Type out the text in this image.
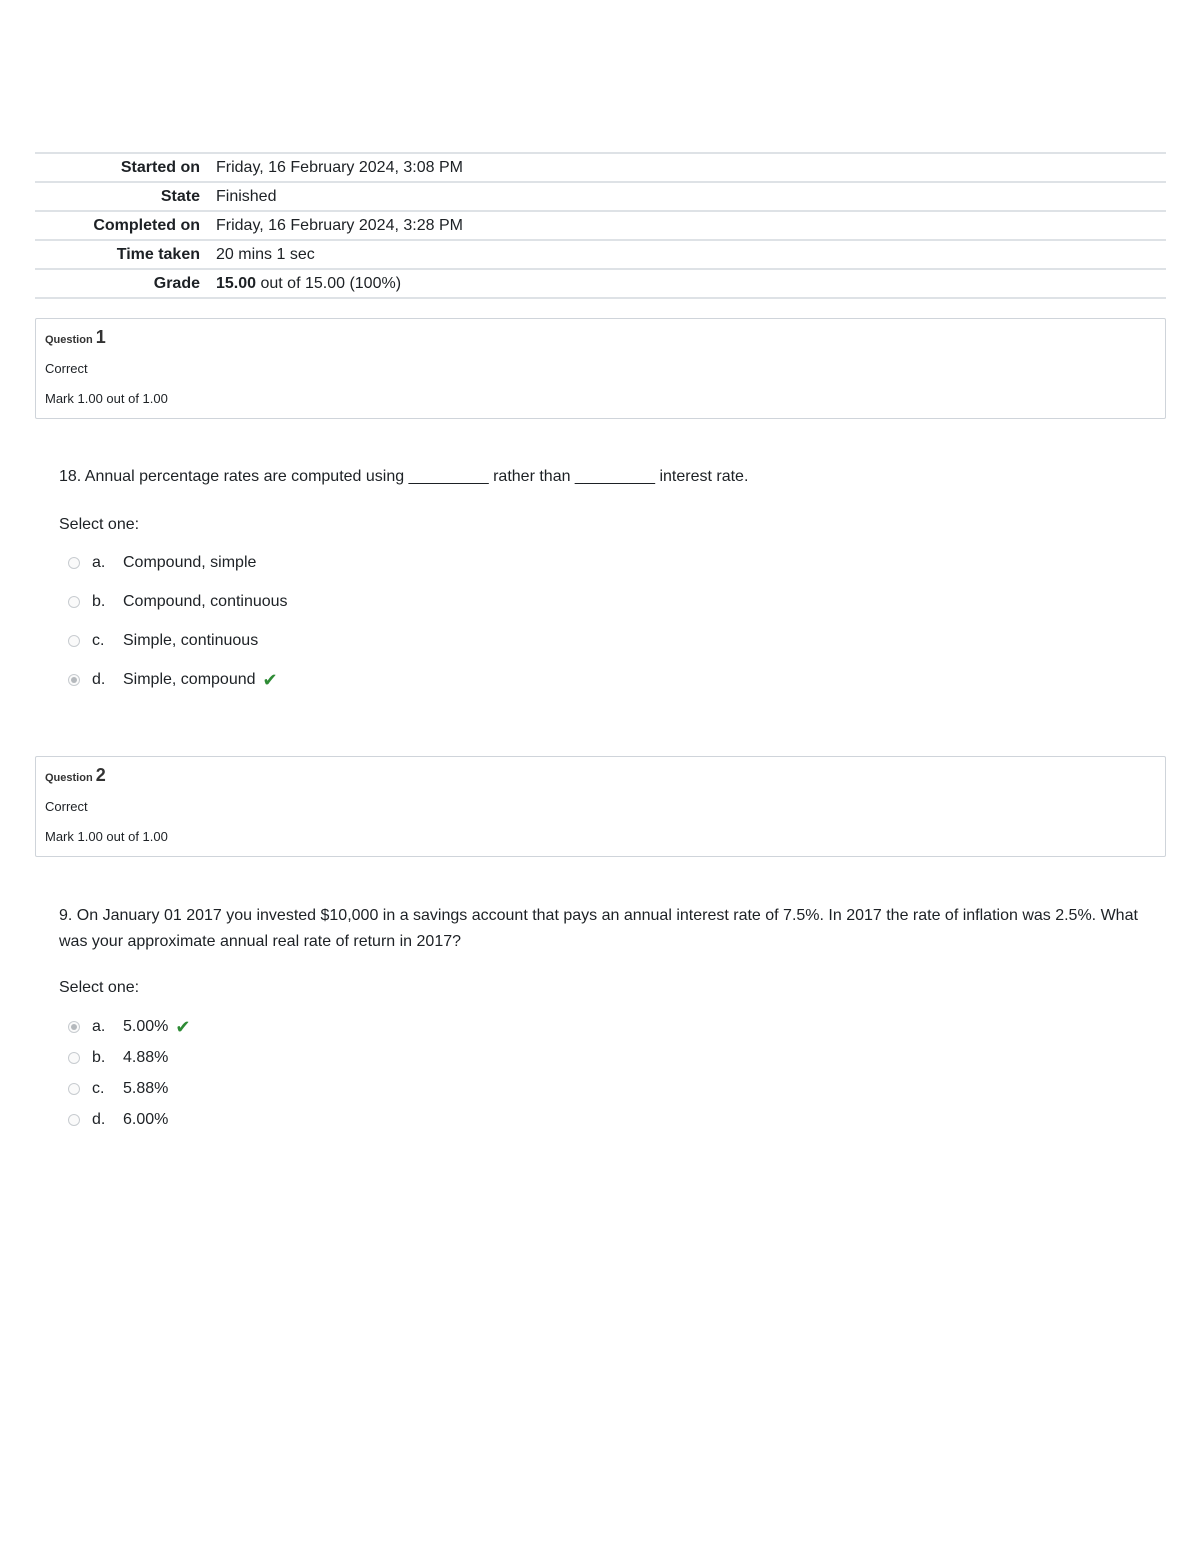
Started on	Friday, 16 February 2024, 3:08 PM
State	Finished
Completed on	Friday, 16 February 2024, 3:28 PM
Time taken	20 mins 1 sec
Grade	15.00 out of 15.00 (100%)
Question 1
Correct
Mark 1.00 out of 1.00
18. Annual percentage rates are computed using _________ rather than _________ interest rate.
Select one:
a.	Compound, simple
b.	Compound, continuous
c.	Simple, continuous
d.	Simple, compound ✔
Question 2
Correct
Mark 1.00 out of 1.00
9. On January 01 2017 you invested $10,000 in a savings account that pays an annual interest rate of 7.5%. In 2017 the rate of inflation was 2.5%. What was your approximate annual real rate of return in 2017?
Select one:
a.	5.00% ✔
b.	4.88%
c.	5.88%
d.	6.00%
